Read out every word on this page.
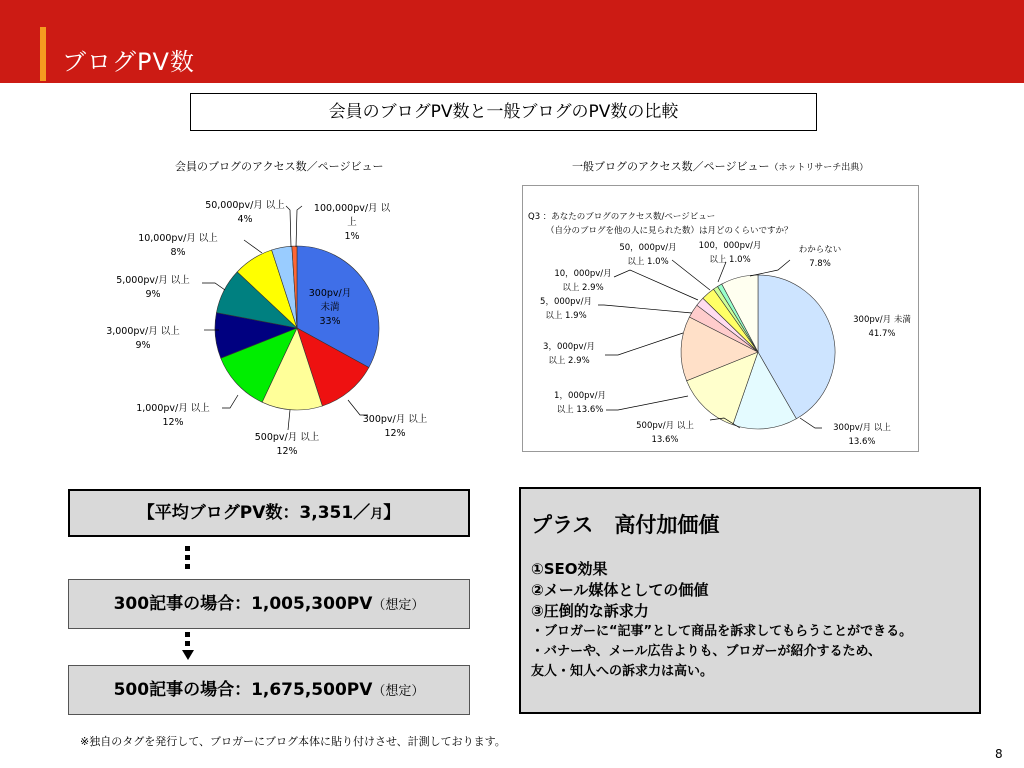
ブログPV数
会員のブログPV数と一般ブログのPV数の比較
会員のブログのアクセス数／ページビュー	一般ブログのアクセス数／ページビュー（ホットリサーチ出典）
300pv/月未満 33%
300pv/月 以上 12%
500pv/月 以上 12%
1,000pv/月 以上 12%
3,000pv/月 以上 9%
5,000pv/月 以上 9%
10,000pv/月 以上 8%
50,000pv/月 以上 4%
100,000pv/月 以上 1%
Q3 ：あなたのブログのアクセス数/ページビュー
（自分のブログを他の人に見られた数）は月どのくらいですか？
300pv/月 未満 41.7%
300pv/月 以上 13.6%
500pv/月 以上 13.6%
1，000pv/月以上 13.6%
3，000pv/月以上 2.9%
5，000pv/月以上 1.9%
10，000pv/月以上 2.9%
50，000pv/月以上 1.0%
100，000pv/月以上 1.0%
わからない 7.8%
【平均ブログPV数：3,351／月】
300記事の場合：1,005,300PV（想定）
500記事の場合：1,675,500PV（想定）
プラス　高付加価値
①SEO効果
②メール媒体としての価値
③圧倒的な訴求力
・ブロガーに“記事”として商品を訴求してもらうことができる。
・バナーや、メール広告よりも、ブロガーが紹介するため、
友人・知人への訴求力は高い。
※独自のタグを発行して、ブロガーにブログ本体に貼り付けさせ、計測しております。
8
